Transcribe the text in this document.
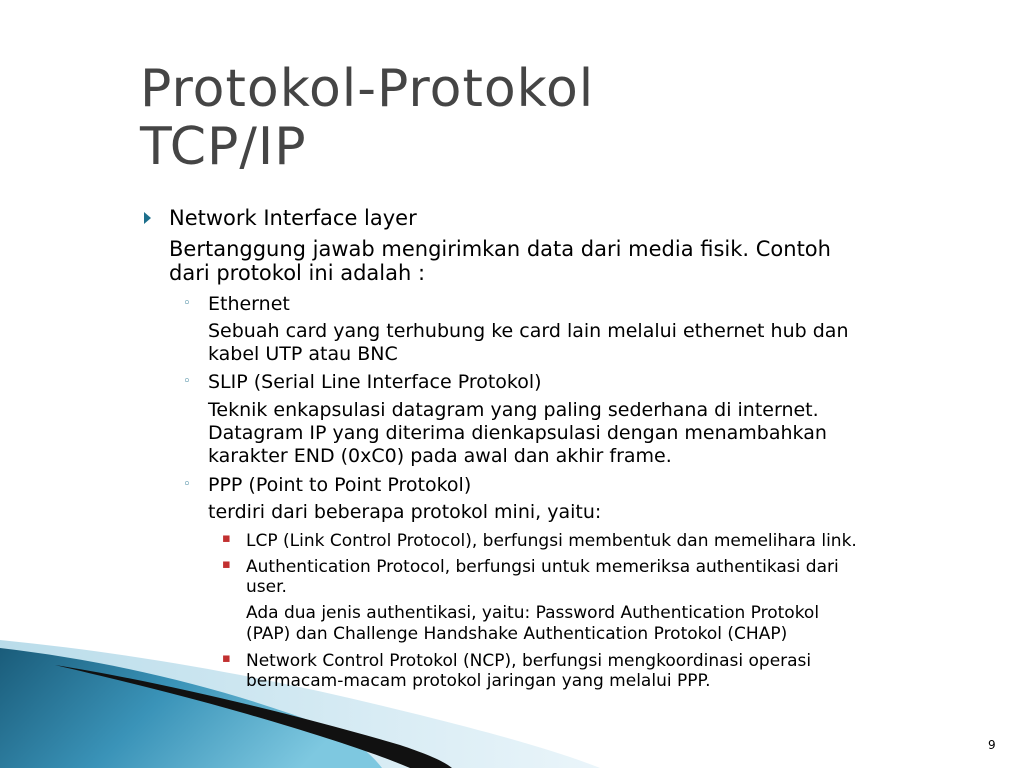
Protokol-Protokol
TCP/IP
Network Interface layer
Bertanggung jawab mengirimkan data dari media fisik. Contoh
dari protokol ini adalah :
◦ Ethernet
Sebuah card yang terhubung ke card lain melalui ethernet hub dan
kabel UTP atau BNC
◦ SLIP (Serial Line Interface Protokol)
Teknik enkapsulasi datagram yang paling sederhana di internet.
Datagram IP yang diterima dienkapsulasi dengan menambahkan
karakter END (0xC0) pada awal dan akhir frame.
◦ PPP (Point to Point Protokol)
terdiri dari beberapa protokol mini, yaitu:
▪ LCP (Link Control Protocol), berfungsi membentuk dan memelihara link.
▪ Authentication Protocol, berfungsi untuk memeriksa authentikasi dari
user.
Ada dua jenis authentikasi, yaitu: Password Authentication Protokol
(PAP) dan Challenge Handshake Authentication Protokol (CHAP)
▪ Network Control Protokol (NCP), berfungsi mengkoordinasi operasi
bermacam-macam protokol jaringan yang melalui PPP.
9
